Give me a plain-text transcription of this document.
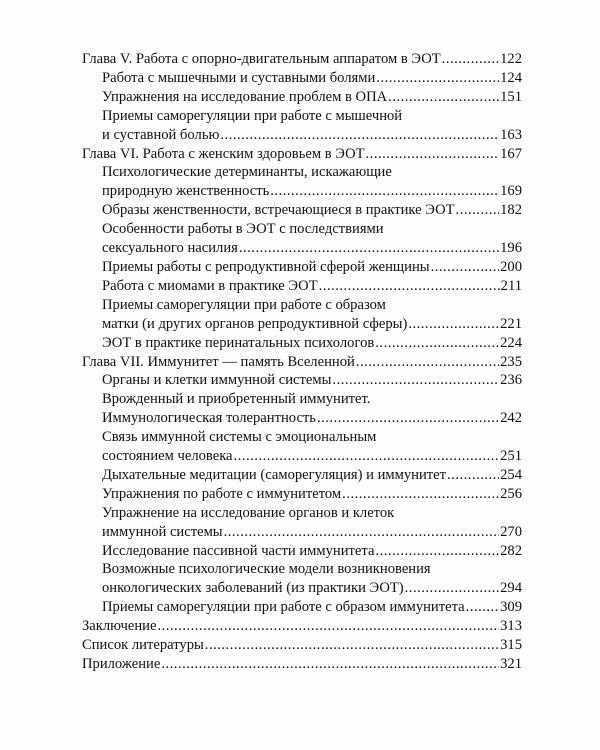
Глава V. Работа с опорно-двигательным аппаратом в ЭОТ .....	122
Работа с мышечными и суставными болями .....	124
Упражнения на исследование проблем в ОПА .....	151
Приемы саморегуляции при работе с мышечной
и суставной болью .....	163
Глава VI. Работа с женским здоровьем в ЭОТ .....	167
Психологические детерминанты, искажающие
природную женственность .....	169
Образы женственности, встречающиеся в практике ЭОТ .....	182
Особенности работы в ЭОТ с последствиями
сексуального насилия .....	196
Приемы работы с репродуктивной сферой женщины .....	200
Работа с миомами в практике ЭОТ .....	211
Приемы саморегуляции при работе с образом
матки (и других органов репродуктивной сферы) .....	221
ЭОТ в практике перинатальных психологов .....	224
Глава VII. Иммунитет — память Вселенной .....	235
Органы и клетки иммунной системы .....	236
Врожденный и приобретенный иммунитет.
Иммунологическая толерантность .....	242
Связь иммунной системы с эмоциональным
состоянием человека .....	251
Дыхательные медитации (саморегуляция) и иммунитет .....	254
Упражнения по работе с иммунитетом .....	256
Упражнение на исследование органов и клеток
иммунной системы .....	270
Исследование пассивной части иммунитета .....	282
Возможные психологические модели возникновения
онкологических заболеваний (из практики ЭОТ) .....	294
Приемы саморегуляции при работе с образом иммунитета ..... 309
Заключение .....	313
Список литературы .....	315
Приложение .....	321
